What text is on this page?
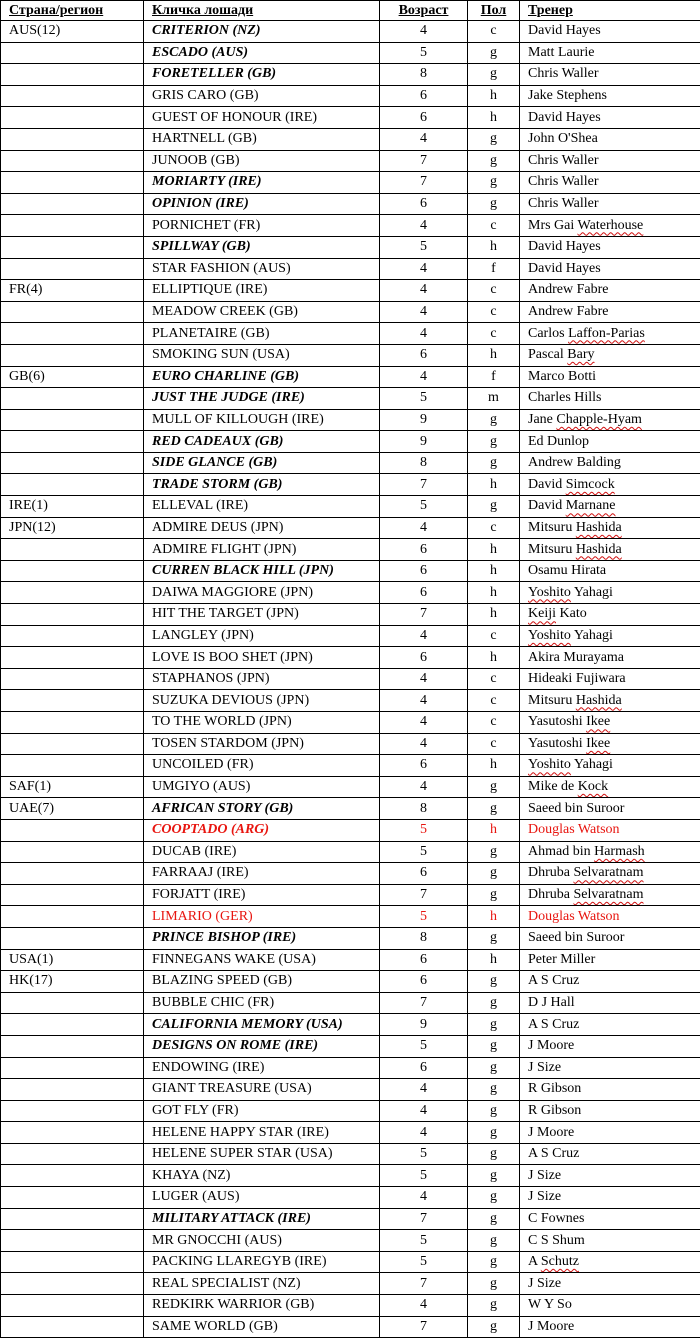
Страна/регион	Кличка лошади	Возраст	Пол	Тренер
AUS(12)	CRITERION (NZ)	4	c	David Hayes
	ESCADO (AUS)	5	g	Matt Laurie
	FORETELLER (GB)	8	g	Chris Waller
	GRIS CARO (GB)	6	h	Jake Stephens
	GUEST OF HONOUR (IRE)	6	h	David Hayes
	HARTNELL (GB)	4	g	John O'Shea
	JUNOOB (GB)	7	g	Chris Waller
	MORIARTY (IRE)	7	g	Chris Waller
	OPINION (IRE)	6	g	Chris Waller
	PORNICHET (FR)	4	c	Mrs Gai Waterhouse
	SPILLWAY (GB)	5	h	David Hayes
	STAR FASHION (AUS)	4	f	David Hayes
FR(4)	ELLIPTIQUE (IRE)	4	c	Andrew Fabre
	MEADOW CREEK (GB)	4	c	Andrew Fabre
	PLANETAIRE (GB)	4	c	Carlos Laffon-Parias
	SMOKING SUN (USA)	6	h	Pascal Bary
GB(6)	EURO CHARLINE (GB)	4	f	Marco Botti
	JUST THE JUDGE (IRE)	5	m	Charles Hills
	MULL OF KILLOUGH (IRE)	9	g	Jane Chapple-Hyam
	RED CADEAUX (GB)	9	g	Ed Dunlop
	SIDE GLANCE (GB)	8	g	Andrew Balding
	TRADE STORM (GB)	7	h	David Simcock
IRE(1)	ELLEVAL (IRE)	5	g	David Marnane
JPN(12)	ADMIRE DEUS (JPN)	4	c	Mitsuru Hashida
	ADMIRE FLIGHT (JPN)	6	h	Mitsuru Hashida
	CURREN BLACK HILL (JPN)	6	h	Osamu Hirata
	DAIWA MAGGIORE (JPN)	6	h	Yoshito Yahagi
	HIT THE TARGET (JPN)	7	h	Keiji Kato
	LANGLEY (JPN)	4	c	Yoshito Yahagi
	LOVE IS BOO SHET (JPN)	6	h	Akira Murayama
	STAPHANOS (JPN)	4	c	Hideaki Fujiwara
	SUZUKA DEVIOUS (JPN)	4	c	Mitsuru Hashida
	TO THE WORLD (JPN)	4	c	Yasutoshi Ikee
	TOSEN STARDOM (JPN)	4	c	Yasutoshi Ikee
	UNCOILED (FR)	6	h	Yoshito Yahagi
SAF(1)	UMGIYO (AUS)	4	g	Mike de Kock
UAE(7)	AFRICAN STORY (GB)	8	g	Saeed bin Suroor
	COOPTADO (ARG)	5	h	Douglas Watson
	DUCAB (IRE)	5	g	Ahmad bin Harmash
	FARRAAJ (IRE)	6	g	Dhruba Selvaratnam
	FORJATT (IRE)	7	g	Dhruba Selvaratnam
	LIMARIO (GER)	5	h	Douglas Watson
	PRINCE BISHOP (IRE)	8	g	Saeed bin Suroor
USA(1)	FINNEGANS WAKE (USA)	6	h	Peter Miller
HK(17)	BLAZING SPEED (GB)	6	g	A S Cruz
	BUBBLE CHIC (FR)	7	g	D J Hall
	CALIFORNIA MEMORY (USA)	9	g	A S Cruz
	DESIGNS ON ROME (IRE)	5	g	J Moore
	ENDOWING (IRE)	6	g	J Size
	GIANT TREASURE (USA)	4	g	R Gibson
	GOT FLY (FR)	4	g	R Gibson
	HELENE HAPPY STAR (IRE)	4	g	J Moore
	HELENE SUPER STAR (USA)	5	g	A S Cruz
	KHAYA (NZ)	5	g	J Size
	LUGER (AUS)	4	g	J Size
	MILITARY ATTACK (IRE)	7	g	C Fownes
	MR GNOCCHI (AUS)	5	g	C S Shum
	PACKING LLAREGYB (IRE)	5	g	A Schutz
	REAL SPECIALIST (NZ)	7	g	J Size
	REDKIRK WARRIOR (GB)	4	g	W Y So
	SAME WORLD (GB)	7	g	J Moore
